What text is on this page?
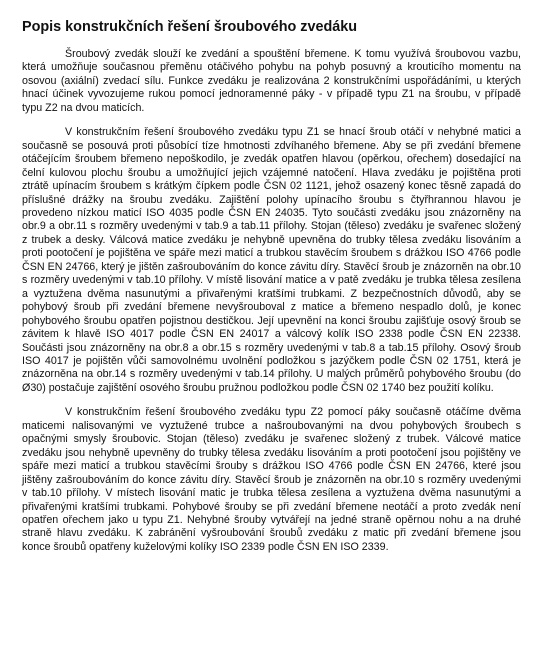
Popis konstrukčních řešení šroubového zvedáku

Šroubový zvedák slouží ke zvedání a spouštění břemene. K tomu využívá šroubovou vazbu, která umožňuje současnou přeměnu otáčivého pohybu na pohyb posuvný a krouticího momentu na osovou (axiální) zvedací sílu. Funkce zvedáku je realizována 2 konstrukčními uspořádáními, u kterých hnací účinek vyvozujeme rukou pomocí jednoramenné páky - v případě typu Z1 na šroubu, v případě typu Z2 na dvou maticích.

V konstrukčním řešení šroubového zvedáku typu Z1 se hnací šroub otáčí v nehybné matici a současně se posouvá proti působící tíze hmotnosti zdvíhaného břemene. Aby se při zvedání břemene otáčejícím šroubem břemeno nepoškodilo, je zvedák opatřen hlavou (opěrkou, ořechem) dosedající na čelní kulovou plochu šroubu a umožňující jejich vzájemné natočení. Hlava zvedáku je pojištěna proti ztrátě upínacím šroubem s krátkým čípkem podle ČSN 02 1121, jehož osazený konec těsně zapadá do příslušné drážky na šroubu zvedáku. Zajištění polohy upínacího šroubu s čtyřhrannou hlavou je provedeno nízkou maticí ISO 4035 podle ČSN EN 24035. Tyto součásti zvedáku jsou znázorněny na obr.9 a obr.11 s rozměry uvedenými v tab.9 a tab.11 přílohy. Stojan (těleso) zvedáku je svařenec složený z trubek a desky. Válcová matice zvedáku je nehybně upevněna do trubky tělesa zvedáku lisováním a proti pootočení je pojištěna ve spáře mezi maticí a trubkou stavěcím šroubem s drážkou ISO 4766 podle ČSN EN 24766, který je jištěn zašroubováním do konce závitu díry. Stavěcí šroub je znázorněn na obr.10 s rozměry uvedenými v tab.10 přílohy. V místě lisování matice a v patě zvedáku je trubka tělesa zesílena a vyztužena dvěma nasunutými a přivařenými kratšími trubkami. Z bezpečnostních důvodů, aby se pohybový šroub při zvedání břemene nevyšrouboval z matice a břemeno nespadlo dolů, je konec pohybového šroubu opatřen pojistnou destičkou. Její upevnění na konci šroubu zajišťuje osový šroub se závitem k hlavě ISO 4017 podle ČSN EN 24017 a válcový kolík ISO 2338 podle ČSN EN 22338. Součásti jsou znázorněny na obr.8 a obr.15 s rozměry uvedenými v tab.8 a tab.15 přílohy. Osový šroub ISO 4017 je pojištěn vůči samovolnému uvolnění podložkou s jazýčkem podle ČSN 02 1751, která je znázorněna na obr.14 s rozměry uvedenými v tab.14 přílohy. U malých průměrů pohybového šroubu (do Ø30) postačuje zajištění osového šroubu pružnou podložkou podle ČSN 02 1740 bez použití kolíku.

V konstrukčním řešení šroubového zvedáku typu Z2 pomocí páky současně otáčíme dvěma maticemi nalisovanými ve vyztužené trubce a našroubovanými na dvou pohybových šroubech s opačnými smysly šroubovic. Stojan (těleso) zvedáku je svařenec složený z trubek. Válcové matice zvedáku jsou nehybně upevněny do trubky tělesa zvedáku lisováním a proti pootočení jsou pojištěny ve spáře mezi maticí a trubkou stavěcími šrouby s drážkou ISO 4766 podle ČSN EN 24766, které jsou jištěny zašroubováním do konce závitu díry. Stavěcí šroub je znázorněn na obr.10 s rozměry uvedenými v tab.10 přílohy. V místech lisování matic je trubka tělesa zesílena a vyztužena dvěma nasunutými a přivařenými kratšími trubkami. Pohybové šrouby se při zvedání břemene neotáčí a proto zvedák není opatřen ořechem jako u typu Z1. Nehybné šrouby vytvářejí na jedné straně opěrnou nohu a na druhé straně hlavu zvedáku. K zabránění vyšroubování šroubů zvedáku z matic při zvedání břemene jsou konce šroubů opatřeny kuželovými kolíky ISO 2339 podle ČSN EN ISO 2339.
